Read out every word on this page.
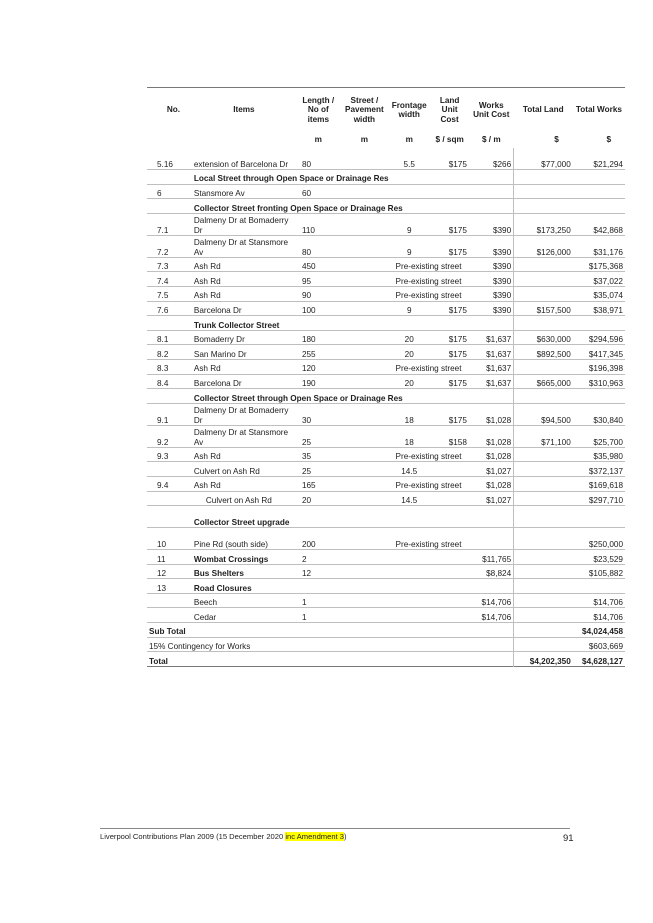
No.	Items	Length / No of items	Street / Pavement width	Frontage width	Land Unit Cost	Works Unit Cost	Total Land	Total Works
		m	m	m	$ / sqm	$ / m	$	$
5.16	extension of Barcelona Dr	80		5.5	$175	$266	$77,000	$21,294
	Local Street through Open Space or Drainage Res							
6	Stansmore Av	60						
	Collector Street fronting Open Space or Drainage Res							
7.1	Dalmeny Dr at Bomaderry Dr	110		9	$175	$390	$173,250	$42,868
7.2	Dalmeny Dr at Stansmore Av	80		9	$175	$390	$126,000	$31,176
7.3	Ash Rd	450		Pre-existing street		$390		$175,368
7.4	Ash Rd	95		Pre-existing street		$390		$37,022
7.5	Ash Rd	90		Pre-existing street		$390		$35,074
7.6	Barcelona Dr	100		9	$175	$390	$157,500	$38,971
	Trunk Collector Street							
8.1	Bomaderry Dr	180		20	$175	$1,637	$630,000	$294,596
8.2	San Marino Dr	255		20	$175	$1,637	$892,500	$417,345
8.3	Ash Rd	120		Pre-existing street		$1,637		$196,398
8.4	Barcelona Dr	190		20	$175	$1,637	$665,000	$310,963
	Collector Street through Open Space or Drainage Res							
9.1	Dalmeny Dr at Bomaderry Dr	30		18	$175	$1,028	$94,500	$30,840
9.2	Dalmeny Dr at Stansmore Av	25		18	$158	$1,028	$71,100	$25,700
9.3	Ash Rd	35		Pre-existing street		$1,028		$35,980
	Culvert on Ash Rd	25		14.5		$1,027		$372,137
9.4	Ash Rd	165		Pre-existing street		$1,028		$169,618
	Culvert on Ash Rd	20		14.5		$1,027		$297,710
	Collector Street upgrade							
10	Pine Rd (south side)	200		Pre-existing street				$250,000
11	Wombat Crossings	2				$11,765		$23,529
12	Bus Shelters	12				$8,824		$105,882
13	Road Closures							
	Beech	1				$14,706		$14,706
	Cedar	1				$14,706		$14,706
Sub Total								$4,024,458
15% Contingency for Works								$603,669
Total							$4,202,350	$4,628,127
Liverpool Contributions Plan 2009 (15 December 2020 inc Amendment 3)	91
